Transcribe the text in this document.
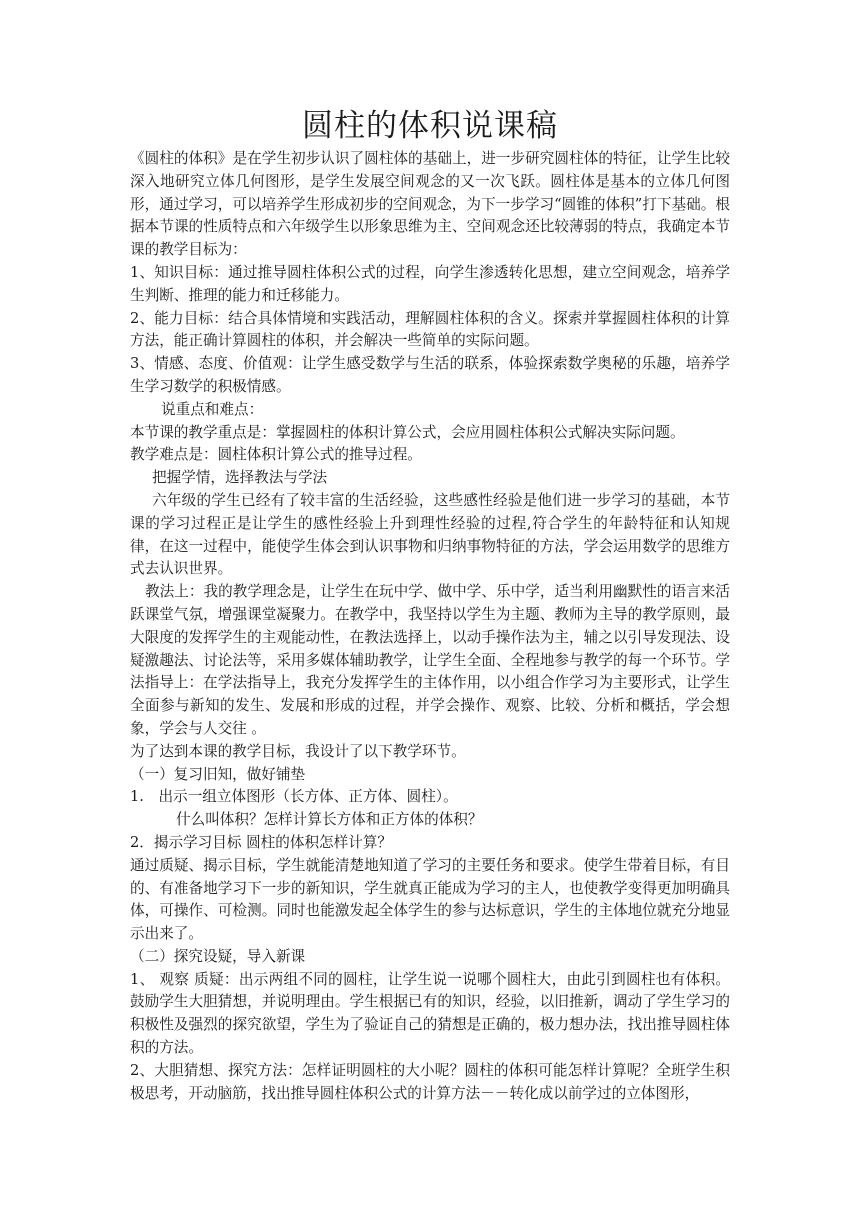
圆柱的体积说课稿

《圆柱的体积》是在学生初步认识了圆柱体的基础上，进一步研究圆柱体的特征，让学生比较深入地研究立体几何图形，是学生发展空间观念的又一次飞跃。圆柱体是基本的立体几何图形，通过学习，可以培养学生形成初步的空间观念，为下一步学习“圆锥的体积”打下基础。根据本节课的性质特点和六年级学生以形象思维为主、空间观念还比较薄弱的特点，我确定本节课的教学目标为：

1、知识目标：通过推导圆柱体积公式的过程，向学生渗透转化思想，建立空间观念，培养学生判断、推理的能力和迁移能力。

2、能力目标：结合具体情境和实践活动，理解圆柱体积的含义。探索并掌握圆柱体积的计算方法，能正确计算圆柱的体积，并会解决一些简单的实际问题。

3、情感、态度、价值观：让学生感受数学与生活的联系，体验探索数学奥秘的乐趣，培养学生学习数学的积极情感。

说重点和难点：

本节课的教学重点是：掌握圆柱的体积计算公式，会应用圆柱体积公式解决实际问题。

教学难点是：圆柱体积计算公式的推导过程。

把握学情，选择教法与学法

六年级的学生已经有了较丰富的生活经验，这些感性经验是他们进一步学习的基础，本节课的学习过程正是让学生的感性经验上升到理性经验的过程,符合学生的年龄特征和认知规律，在这一过程中，能使学生体会到认识事物和归纳事物特征的方法，学会运用数学的思维方式去认识世界。

教法上：我的教学理念是，让学生在玩中学、做中学、乐中学，适当利用幽默性的语言来活跃课堂气氛，增强课堂凝聚力。在教学中，我坚持以学生为主题、教师为主导的教学原则，最大限度的发挥学生的主观能动性，在教法选择上，以动手操作法为主，辅之以引导发现法、设疑激趣法、讨论法等，采用多媒体辅助教学，让学生全面、全程地参与教学的每一个环节。学法指导上：在学法指导上，我充分发挥学生的主体作用，以小组合作学习为主要形式，让学生全面参与新知的发生、发展和形成的过程，并学会操作、观察、比较、分析和概括，学会想象，学会与人交往 。

为了达到本课的教学目标，我设计了以下教学环节。

（一）复习旧知，做好铺垫

1.　出示一组立体图形（长方体、正方体、圆柱）。

什么叫体积？怎样计算长方体和正方体的体积？

2．揭示学习目标 圆柱的体积怎样计算？

通过质疑、揭示目标，学生就能清楚地知道了学习的主要任务和要求。使学生带着目标，有目的、有准备地学习下一步的新知识，学生就真正能成为学习的主人，也使教学变得更加明确具体，可操作、可检测。同时也能激发起全体学生的参与达标意识，学生的主体地位就充分地显示出来了。

（二）探究设疑，导入新课

1、 观察 质疑：出示两组不同的圆柱，让学生说一说哪个圆柱大，由此引到圆柱也有体积。鼓励学生大胆猜想，并说明理由。学生根据已有的知识，经验，以旧推新，调动了学生学习的积极性及强烈的探究欲望，学生为了验证自己的猜想是正确的，极力想办法，找出推导圆柱体积的方法。

2、大胆猜想、探究方法：怎样证明圆柱的大小呢？圆柱的体积可能怎样计算呢？全班学生积极思考，开动脑筋，找出推导圆柱体积公式的计算方法－－转化成以前学过的立体图形，
